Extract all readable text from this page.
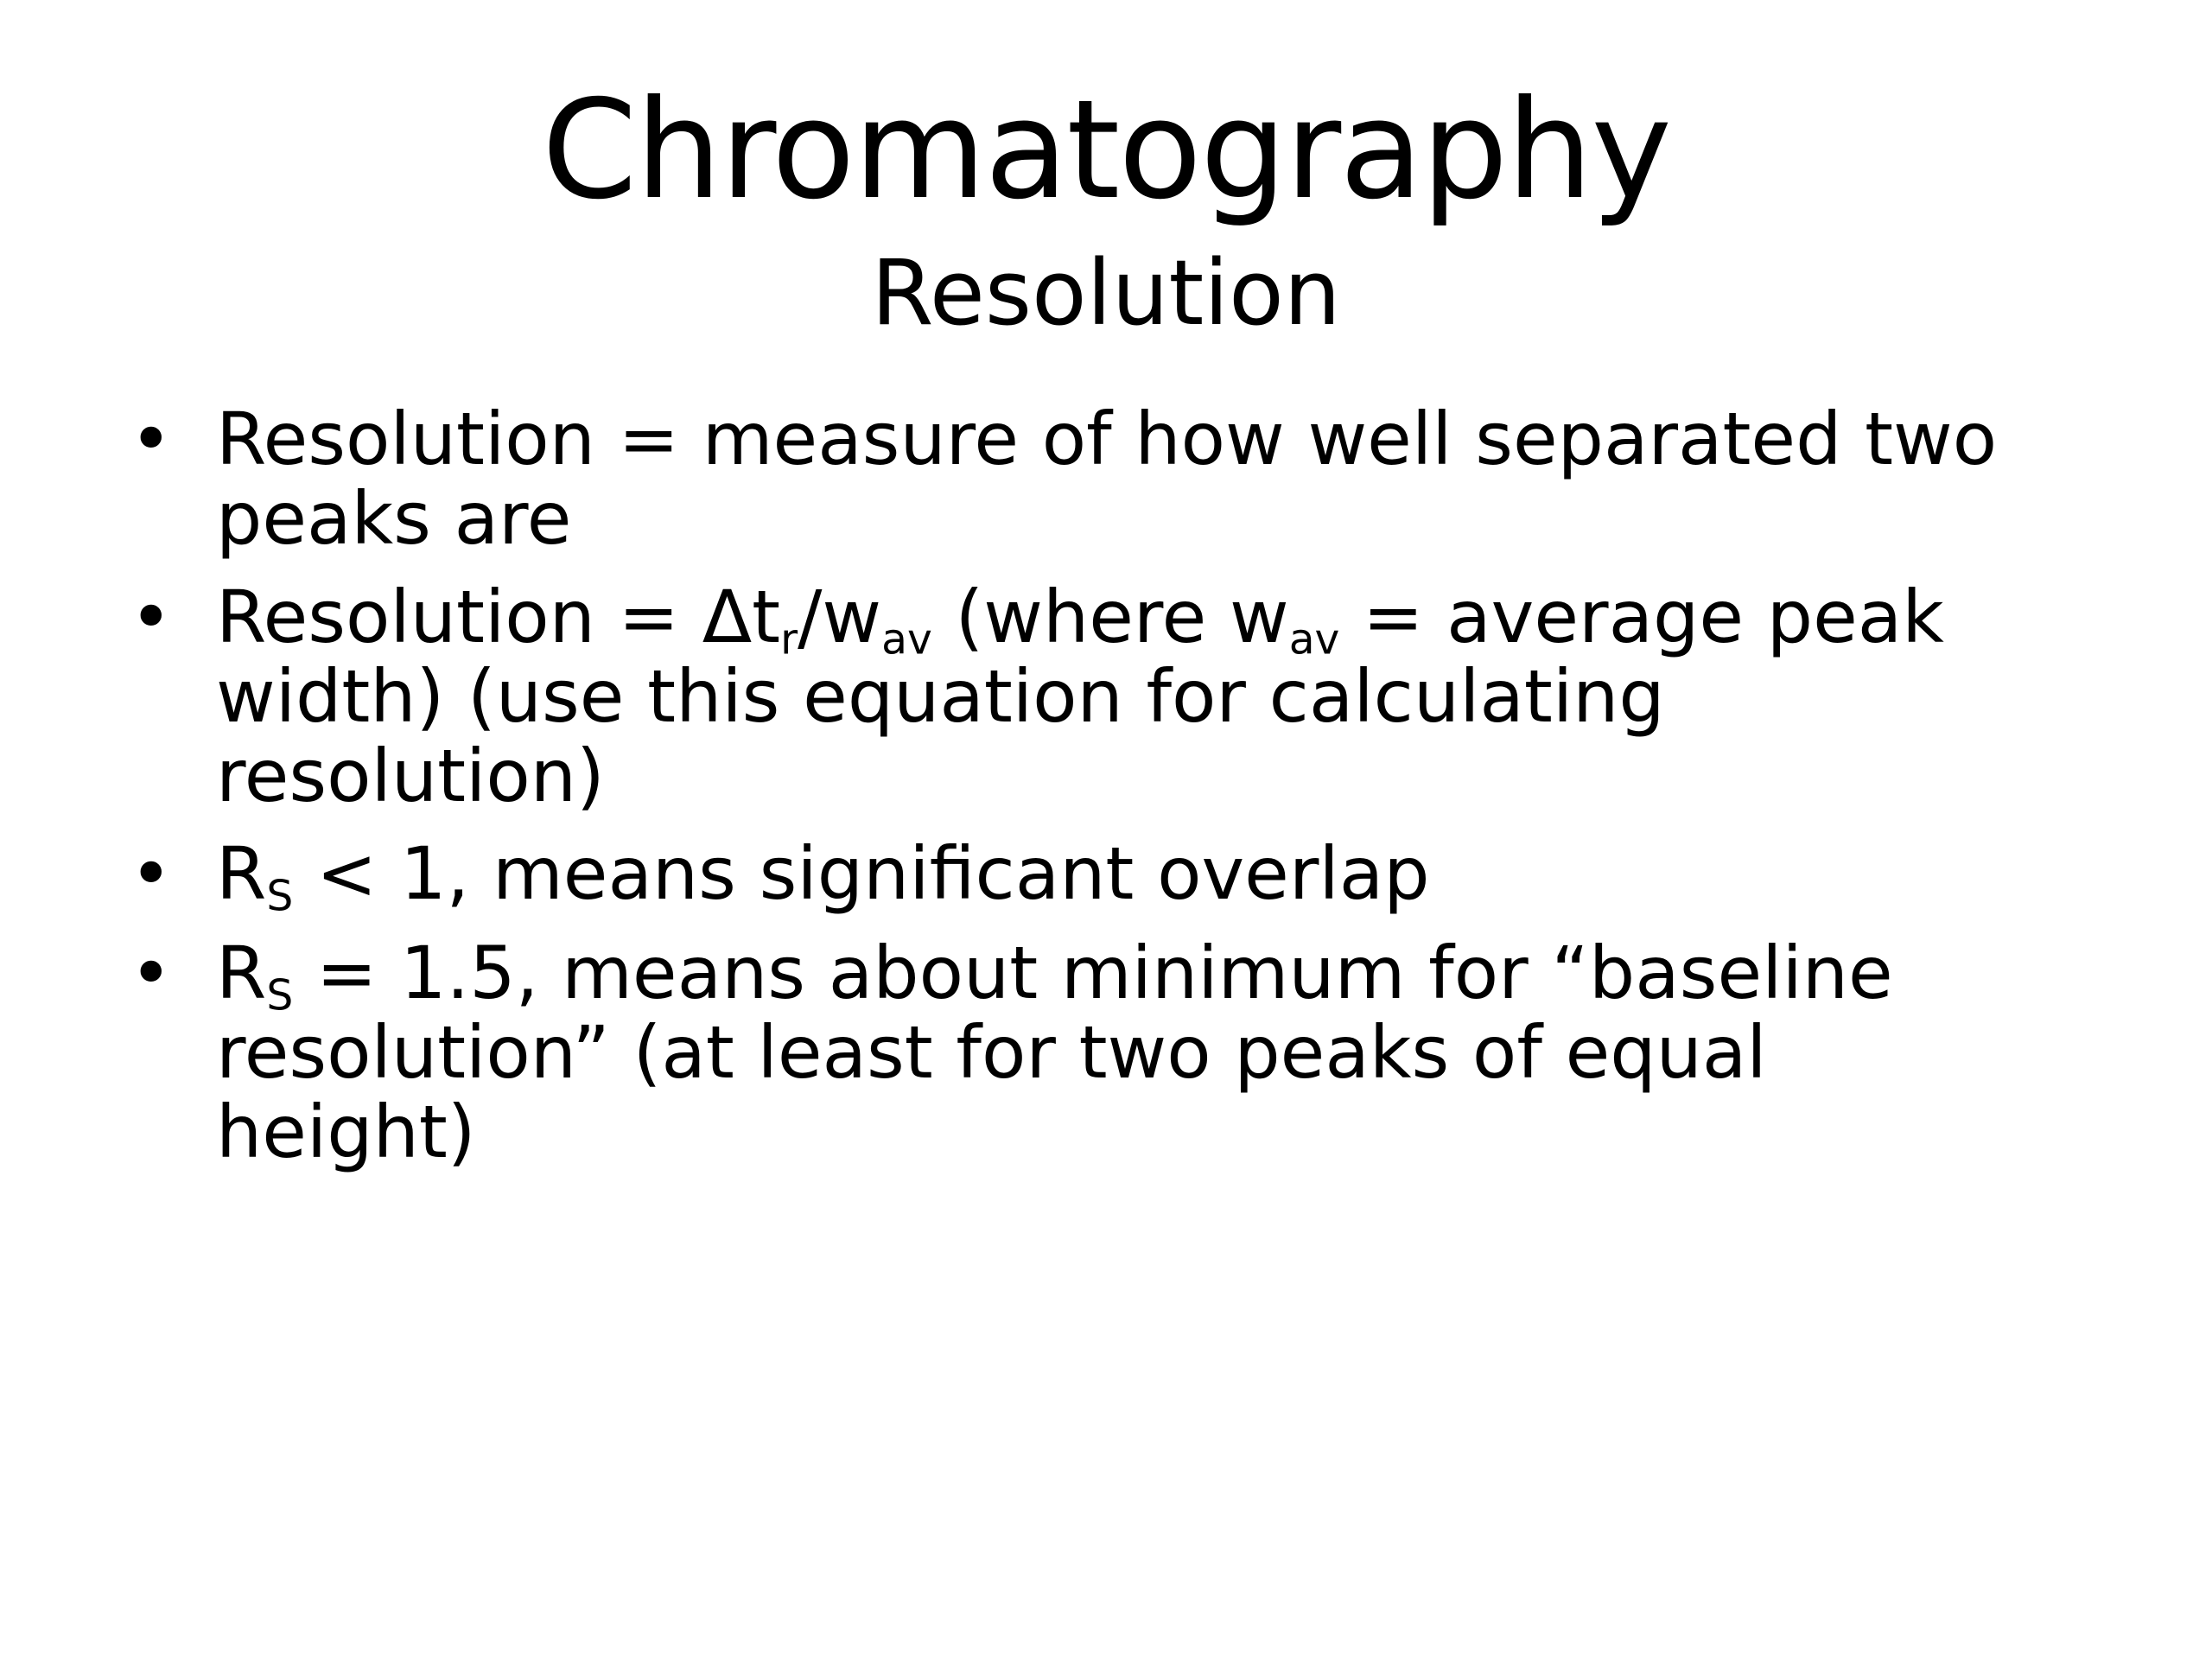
Chromatography
Resolution
• Resolution = measure of how well separated two
peaks are
• Resolution = $\Delta t_r/w_{av}$ (where $w_{av}$ = average peak
width) (use this equation for calculating
resolution)
• $R_S < 1$, means significant overlap
• $R_S = 1.5$, means about minimum for “baseline
resolution” (at least for two peaks of equal
height)
